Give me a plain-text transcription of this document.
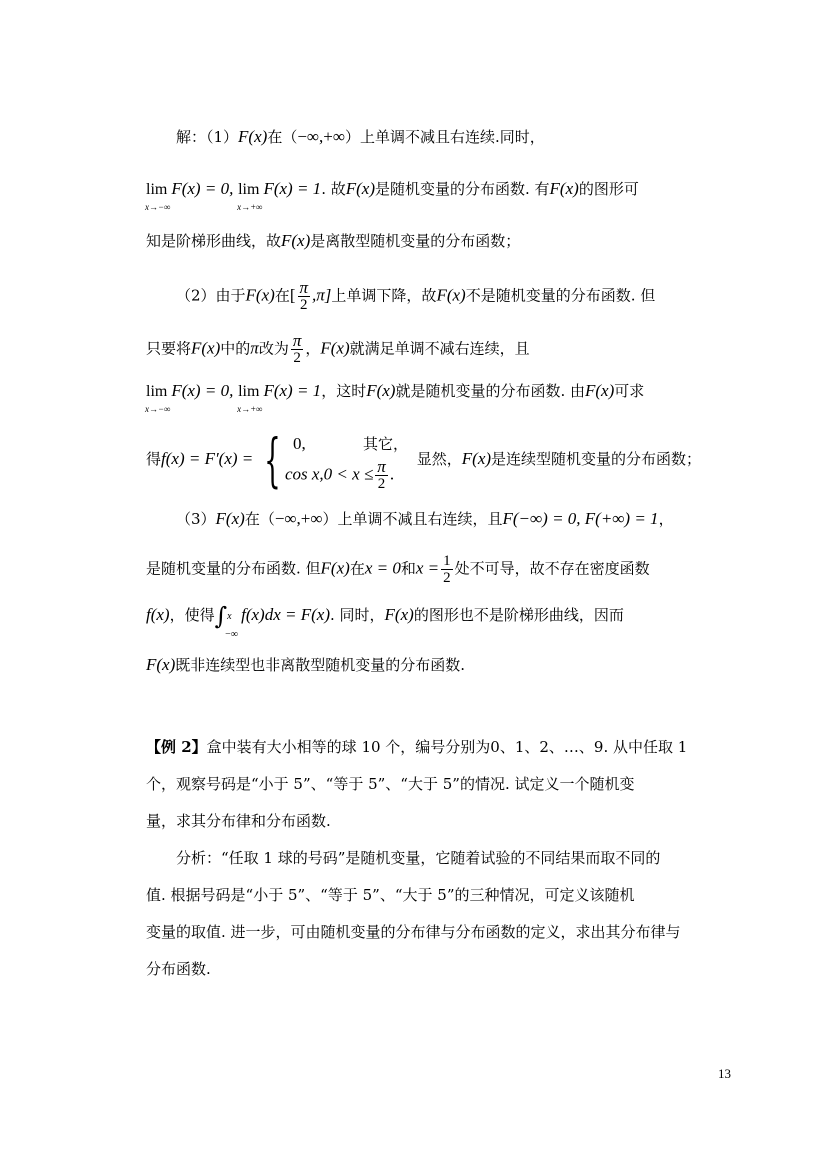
解：（1）F(x)在（−∞,+∞）上单调不减且右连续.同时，
lim
x→−∞
F(x) = 0, lim
x→+∞
F(x) = 1. 故F(x)是随机变量的分布函数. 有F(x)的图形可
知是阶梯形曲线，故F(x)是离散型随机变量的分布函数；
（2）由于F(x)在[ $\frac{\pi}{2} ,\pi$]上单调下降，故F(x)不是随机变量的分布函数. 但
只要将F(x)中的π改为 $\frac{\pi}{2}$ ，F(x)就满足单调不减右连续，且
lim
x→−∞
F(x) = 0, lim
x→+∞
F(x) = 1，这时F(x)就是随机变量的分布函数. 由F(x)可求
得f(x) = F′(x) = { 0,	其它，
$\cos x,0 < x \le \frac{\pi}{2}$ .
显然，F(x)是连续型随机变量的分布函数；
（3）F(x)在（−∞,+∞）上单调不减且右连续，且F(−∞) = 0, F(+∞) = 1，
是随机变量的分布函数. 但F(x)在x = 0和$x = \frac{1}{2}$ 处不可导，故不存在密度函数
f(x)，使得∫ x
−∞
f(x)dx = F(x). 同时，F(x)的图形也不是阶梯形曲线，因而
F(x)既非连续型也非离散型随机变量的分布函数.
【例 2】盒中装有大小相等的球 10 个，编号分别为0、1、2、…、9. 从中任取 1
个，观察号码是“小于 5”、“等于 5”、“大于 5”的情况. 试定义一个随机变
量，求其分布律和分布函数.
分析：“任取 1 球的号码”是随机变量，它随着试验的不同结果而取不同的
值. 根据号码是“小于 5”、“等于 5”、“大于 5”的三种情况，可定义该随机
变量的取值. 进一步，可由随机变量的分布律与分布函数的定义，求出其分布律与
分布函数.
13
